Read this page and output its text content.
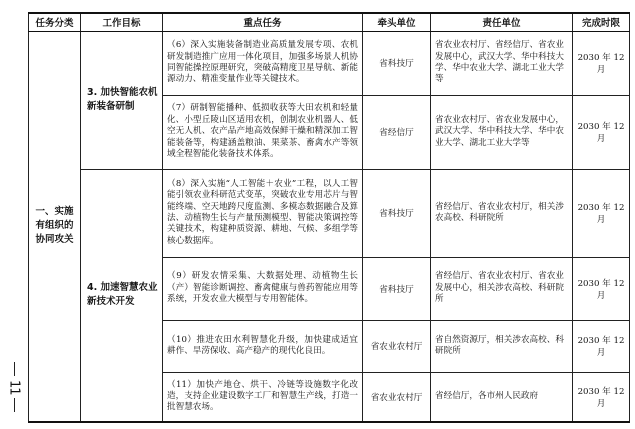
11
任务分类	工作目标	重点任务	牵头单位	责任单位	完成时限
一、实施有组织的协同攻关	3. 加快智能农机新装备研制	（6）深入实施装备制造业高质量发展专项、农机研发制造推广应用一体化项目，加强多场景人机协同智能操控原理研究，突破高精度卫星导航、新能源动力、精准变量作业等关键技术。	省科技厅	省农业农村厅、省经信厅、省农业发展中心，武汉大学、华中科技大学、华中农业大学、湖北工业大学等	2030 年 12 月
		（7）研制智能播种、低损收获等大田农机和轻量化、小型丘陵山区适用农机，创制农业机器人、低空无人机、农产品产地高效保鲜干燥和精深加工智能装备等，构建涵盖粮油、果菜茶、畜禽水产等领域全程智能化装备技术体系。	省经信厅	省农业农村厅、省农业发展中心，武汉大学、华中科技大学、华中农业大学、湖北工业大学等	2030 年 12 月
	4. 加速智慧农业新技术开发	（8）深入实施“人工智能＋农业”工程，以人工智能引领农业科研范式变革，突破农业专用芯片与智能终端、空天地跨尺度监测、多模态数据融合及算法、动植物生长与产量预测模型、智能决策调控等关键技术，构建种质资源、耕地、气候、多组学等核心数据库。	省科技厅	省经信厅、省农业农村厅，相关涉农高校、科研院所	2030 年 12 月
		（9）研发农情采集、大数据处理、动植物生长（产）智能诊断调控、畜禽健康与兽药智能应用等系统，开发农业大模型与专用智能体。	省科技厅	省经信厅、省农业农村厅、省农业发展中心，相关涉农高校、科研院所	2030 年 12 月
		（10）推进农田水利智慧化升级，加快建成适宜耕作、旱涝保收、高产稳产的现代化良田。	省农业农村厅	省自然资源厅，相关涉农高校、科研院所	2030 年 12 月
		（11）加快产地仓、烘干、冷链等设施数字化改造，支持企业建设数字工厂和智慧生产线，打造一批智慧农场。	省农业农村厅	省经信厅，各市州人民政府	2030 年 12 月
